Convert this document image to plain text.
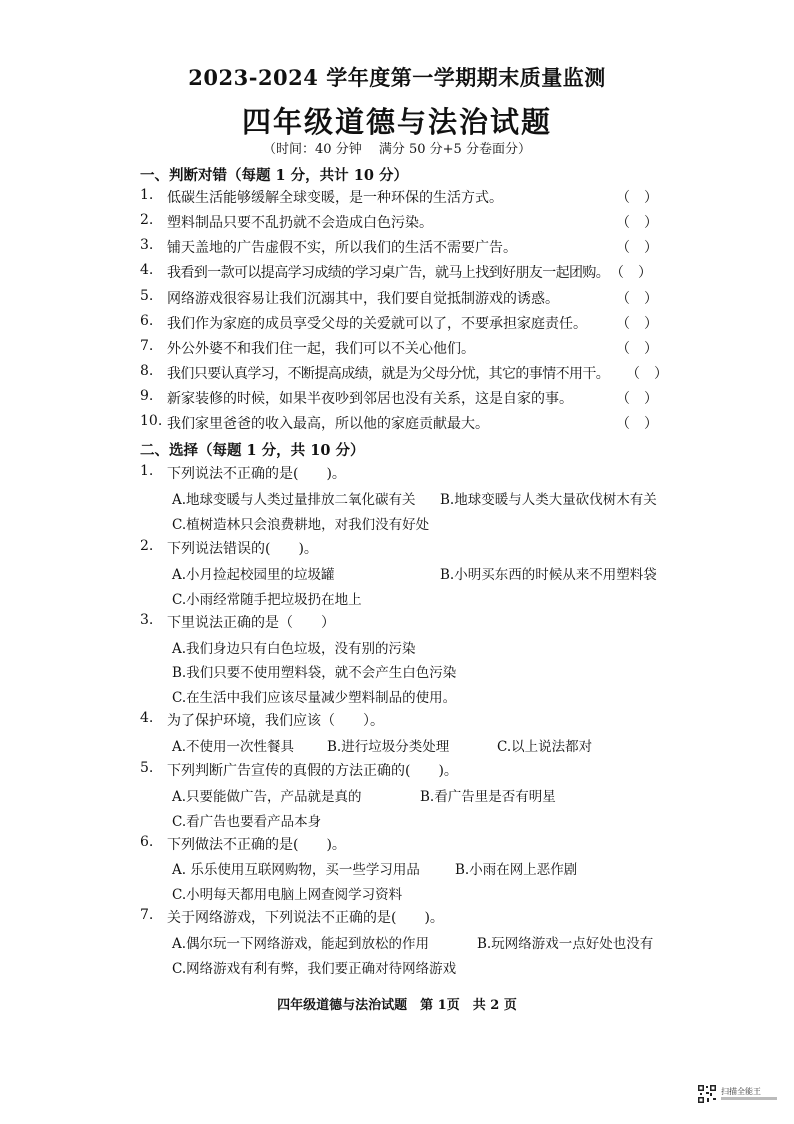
2023-2024 学年度第一学期期末质量监测
四年级道德与法治试题
（时间：40 分钟　 满分 50 分+5 分卷面分）
一、判断对错（每题 1 分，共计 10 分）
1. 低碳生活能够缓解全球变暖，是一种环保的生活方式。	（　）
2. 塑料制品只要不乱扔就不会造成白色污染。	（　）
3. 铺天盖地的广告虚假不实，所以我们的生活不需要广告。	（　）
4. 我看到一款可以提高学习成绩的学习桌广告，就马上找到好朋友一起团购。 （　）
5. 网络游戏很容易让我们沉溺其中，我们要自觉抵制游戏的诱惑。	（　）
6. 我们作为家庭的成员享受父母的关爱就可以了，不要承担家庭责任。 （　）
7. 外公外婆不和我们住一起，我们可以不关心他们。	（　）
8. 我们只要认真学习，不断提高成绩，就是为父母分忧，其它的事情不用干。 （　）
9. 新家装修的时候，如果半夜吵到邻居也没有关系，这是自家的事。	（　）
10. 我们家里爸爸的收入最高，所以他的家庭贡献最大。	（　）
二、选择（每题 1 分，共 10 分）
1. 下列说法不正确的是(　　)。
A.地球变暖与人类过量排放二氧化碳有关 B.地球变暖与人类大量砍伐树木有关
C.植树造林只会浪费耕地，对我们没有好处
2. 下列说法错误的(　　)。
A.小月捡起校园里的垃圾罐	B.小明买东西的时候从来不用塑料袋
C.小雨经常随手把垃圾扔在地上
3. 下里说法正确的是（　　）
A.我们身边只有白色垃圾，没有别的污染
B.我们只要不使用塑料袋，就不会产生白色污染
C.在生活中我们应该尽量减少塑料制品的使用。
4. 为了保护环境，我们应该（　　）。
A.不使用一次性餐具 B.进行垃圾分类处理	C.以上说法都对
5. 下列判断广告宣传的真假的方法正确的(　　)。
A.只要能做广告，产品就是真的	B.看广告里是否有明星
C.看广告也要看产品本身
6. 下列做法不正确的是(　　)。
A. 乐乐使用互联网购物，买一些学习用品	B.小雨在网上恶作剧
C.小明每天都用电脑上网查阅学习资料
7. 关于网络游戏，下列说法不正确的是(　　)。
A.偶尔玩一下网络游戏，能起到放松的作用	B.玩网络游戏一点好处也没有
C.网络游戏有利有弊，我们要正确对待网络游戏
四年级道德与法治试题　第 1页　共 2 页
扫描全能王
